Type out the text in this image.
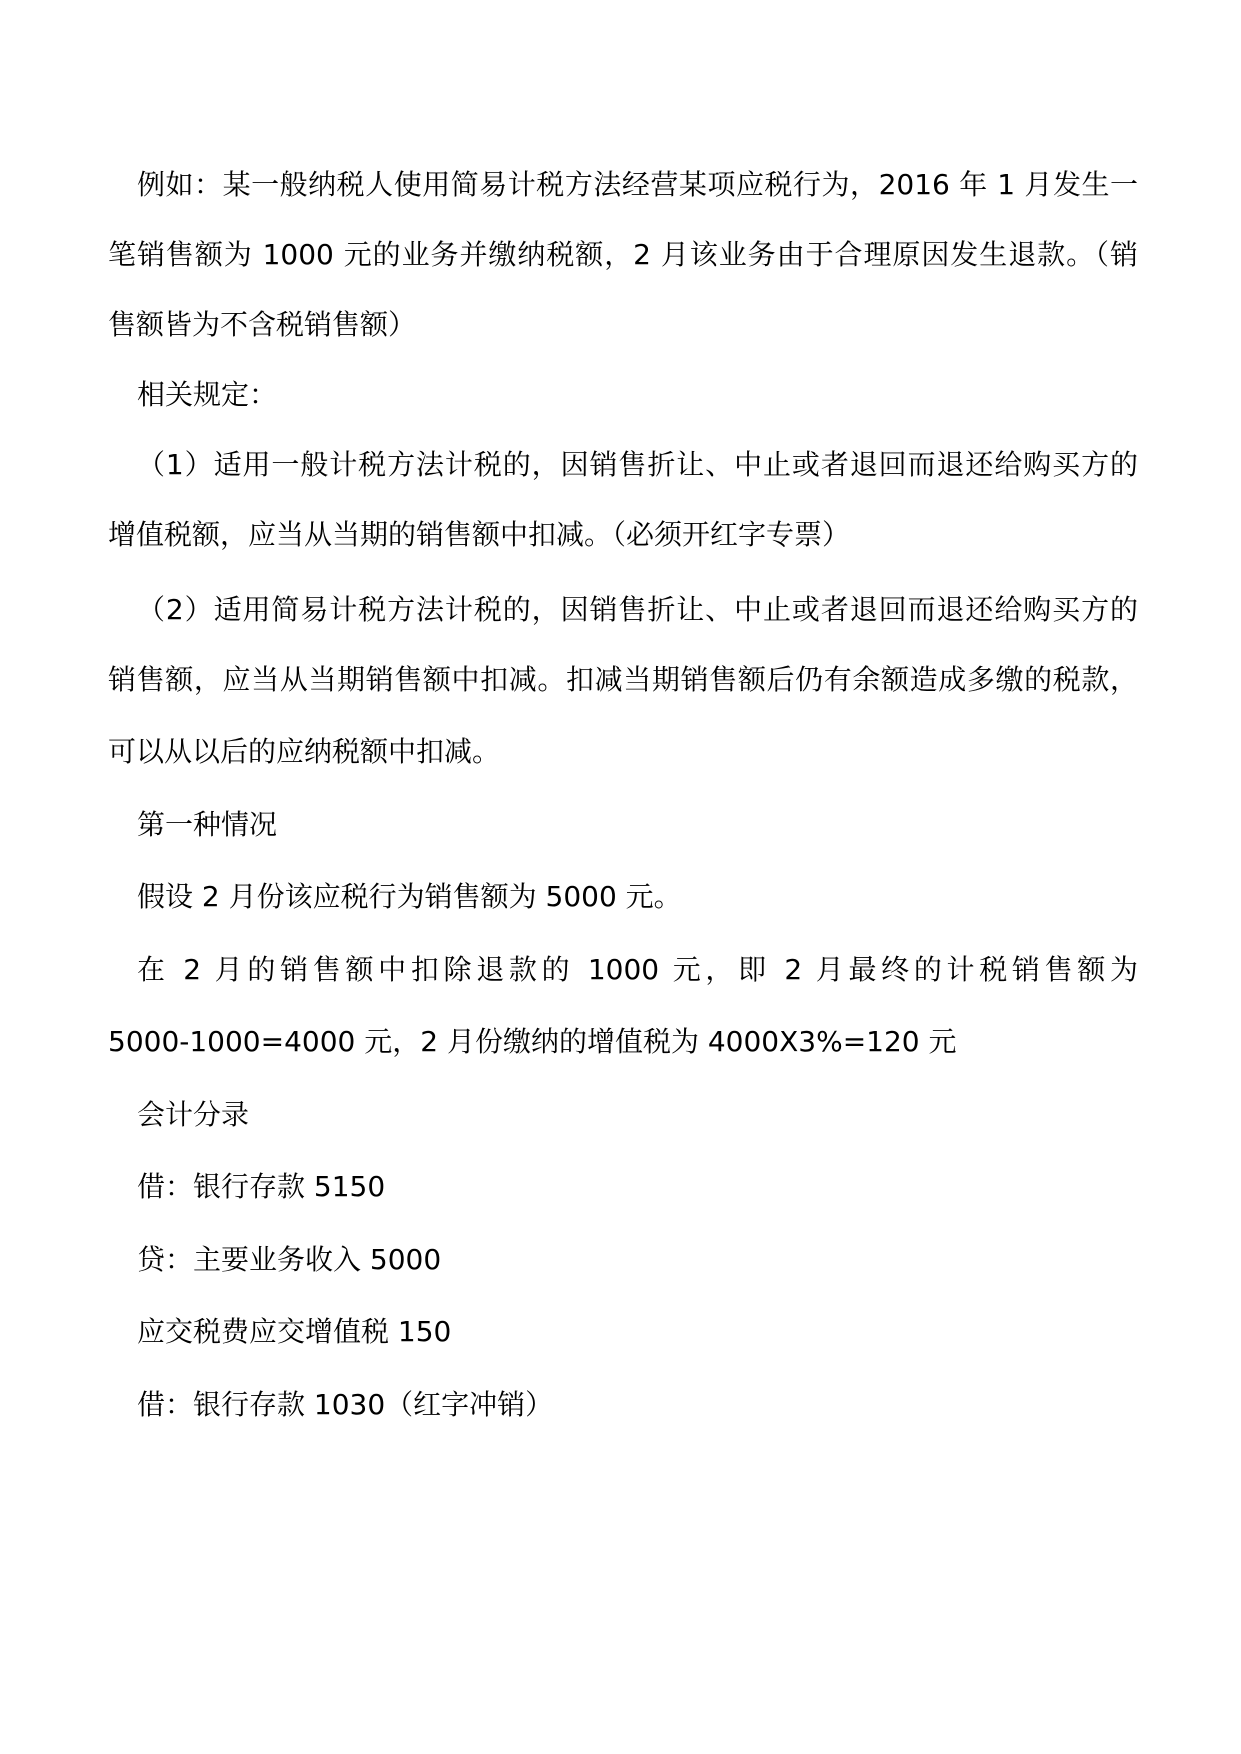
例如：某一般纳税人使用简易计税方法经营某项应税行为，2016 年 1 月发生一
笔销售额为 1000 元的业务并缴纳税额，2 月该业务由于合理原因发生退款。（销
售额皆为不含税销售额）
相关规定：
（1）适用一般计税方法计税的，因销售折让、中止或者退回而退还给购买方的
增值税额，应当从当期的销售额中扣减。（必须开红字专票）
（2）适用简易计税方法计税的，因销售折让、中止或者退回而退还给购买方的
销售额，应当从当期销售额中扣减。扣减当期销售额后仍有余额造成多缴的税款，
可以从以后的应纳税额中扣减。
第一种情况
假设 2 月份该应税行为销售额为 5000 元。
在 2 月的销售额中扣除退款的 1000 元，即 2 月最终的计税销售额为
5000-1000=4000 元，2 月份缴纳的增值税为 4000X3%=120 元
会计分录
借：银行存款 5150
贷：主要业务收入 5000
应交税费应交增值税 150
借：银行存款 1030（红字冲销）
